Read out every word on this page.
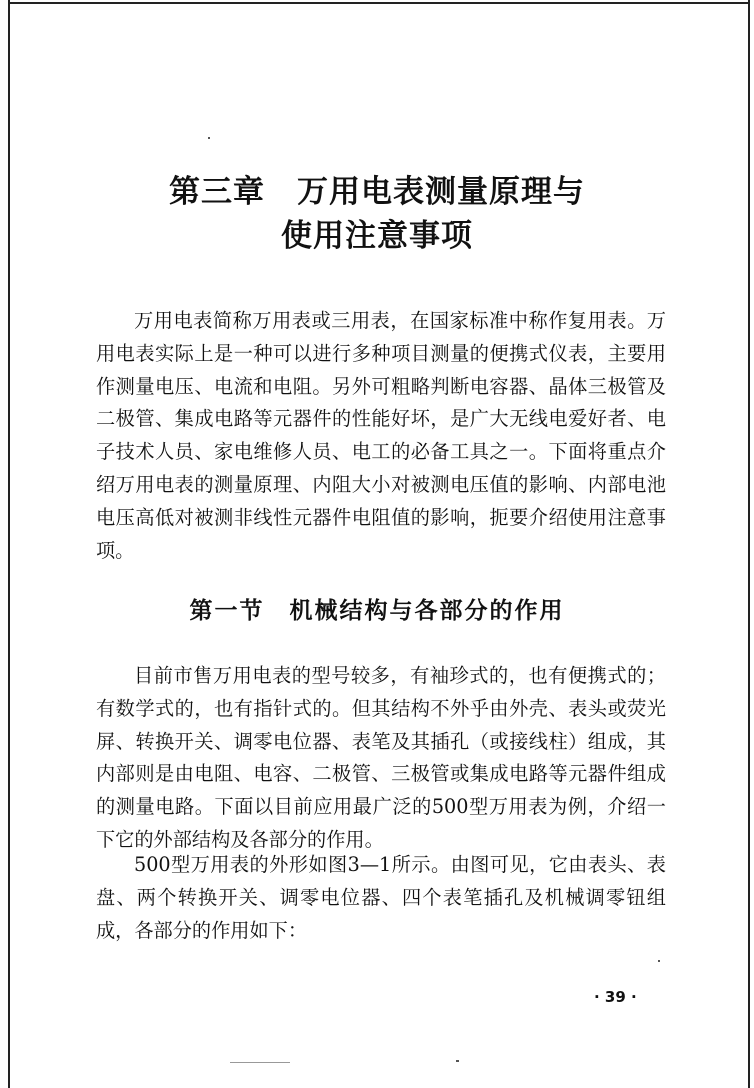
第三章　万用电表测量原理与
使用注意事项

万用电表简称万用表或三用表，在国家标准中称作复用表。万用电表实际上是一种可以进行多种项目测量的便携式仪表，主要用作测量电压、电流和电阻。另外可粗略判断电容器、晶体三极管及二极管、集成电路等元器件的性能好坏，是广大无线电爱好者、电子技术人员、家电维修人员、电工的必备工具之一。下面将重点介绍万用电表的测量原理、内阻大小对被测电压值的影响、内部电池电压高低对被测非线性元器件电阻值的影响，扼要介绍使用注意事项。

第一节　机械结构与各部分的作用

目前市售万用电表的型号较多，有袖珍式的，也有便携式的；有数学式的，也有指针式的。但其结构不外乎由外壳、表头或荧光屏、转换开关、调零电位器、表笔及其插孔（或接线柱）组成，其内部则是由电阻、电容、二极管、三极管或集成电路等元器件组成的测量电路。下面以目前应用最广泛的500型万用表为例，介绍一下它的外部结构及各部分的作用。

500型万用表的外形如图3—1所示。由图可见，它由表头、表盘、两个转换开关、调零电位器、四个表笔插孔及机械调零钮组成，各部分的作用如下：

· 39 ·
